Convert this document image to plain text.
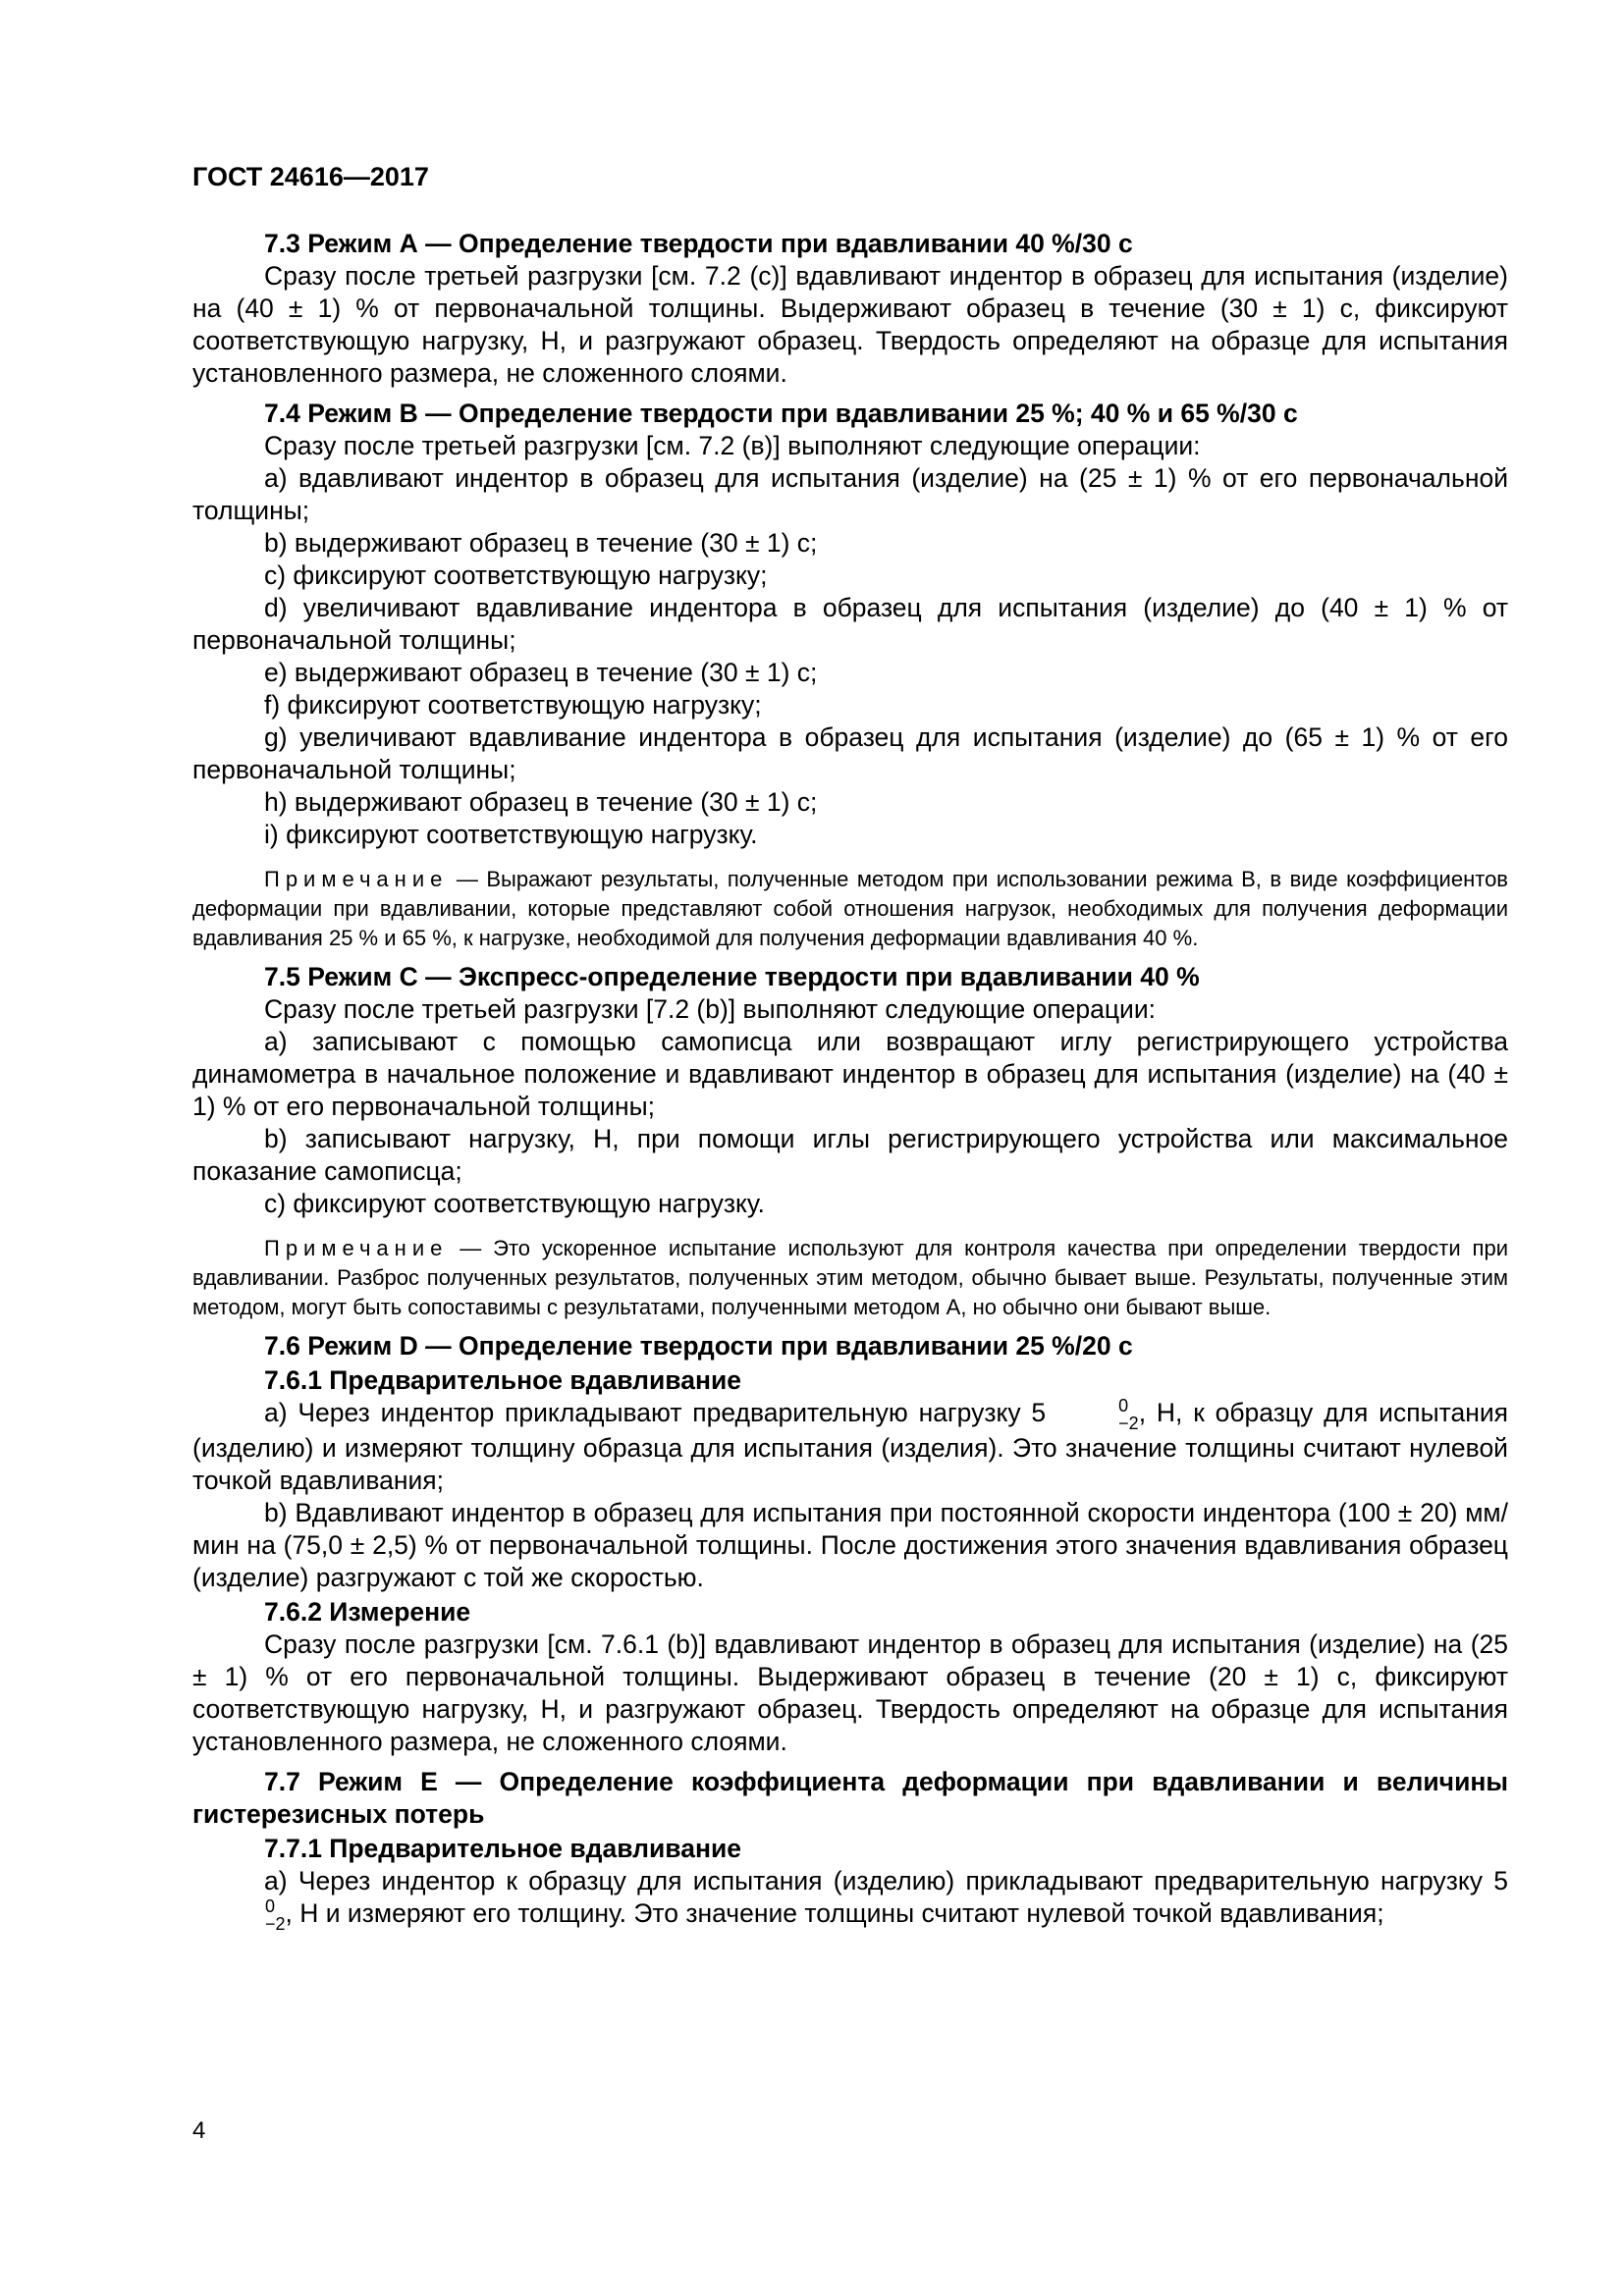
ГОСТ 24616—2017

7.3 Режим А — Определение твердости при вдавливании 40 %/30 с

Сразу после третьей разгрузки [см. 7.2 (с)] вдавливают индентор в образец для испытания (изделие) на (40 ± 1) % от первоначальной толщины. Выдерживают образец в течение (30 ± 1) с, фиксируют соответствующую нагрузку, Н, и разгружают образец. Твердость определяют на образце для испытания установленного размера, не сложенного слоями.

7.4 Режим В — Определение твердости при вдавливании 25 %; 40 % и 65 %/30 с

Сразу после третьей разгрузки [см. 7.2 (в)] выполняют следующие операции:

a) вдавливают индентор в образец для испытания (изделие) на (25 ± 1) % от его первоначальной толщины;

b) выдерживают образец в течение (30 ± 1) с;

c) фиксируют соответствующую нагрузку;

d) увеличивают вдавливание индентора в образец для испытания (изделие) до (40 ± 1) % от первоначальной толщины;

e) выдерживают образец в течение (30 ± 1) с;

f) фиксируют соответствующую нагрузку;

g) увеличивают вдавливание индентора в образец для испытания (изделие) до (65 ± 1) % от его первоначальной толщины;

h) выдерживают образец в течение (30 ± 1) с;

i) фиксируют соответствующую нагрузку.

Примечание — Выражают результаты, полученные методом при использовании режима В, в виде коэффициентов деформации при вдавливании, которые представляют собой отношения нагрузок, необходимых для получения деформации вдавливания 25 % и 65 %, к нагрузке, необходимой для получения деформации вдавливания 40 %.

7.5 Режим С — Экспресс-определение твердости при вдавливании 40 %

Сразу после третьей разгрузки [7.2 (b)] выполняют следующие операции:

a) записывают с помощью самописца или возвращают иглу регистрирующего устройства динамометра в начальное положение и вдавливают индентор в образец для испытания (изделие) на (40 ± 1) % от его первоначальной толщины;

b) записывают нагрузку, Н, при помощи иглы регистрирующего устройства или максимальное показание самописца;

c) фиксируют соответствующую нагрузку.

Примечание — Это ускоренное испытание используют для контроля качества при определении твердости при вдавливании. Разброс полученных результатов, полученных этим методом, обычно бывает выше. Результаты, полученные этим методом, могут быть сопоставимы с результатами, полученными методом А, но обычно они бывают выше.

7.6 Режим D — Определение твердости при вдавливании 25 %/20 с

7.6.1 Предварительное вдавливание

a) Через индентор прикладывают предварительную нагрузку 5	0
−2 , Н, к образцу для испытания (изделию) и измеряют толщину образца для испытания (изделия). Это значение толщины считают нулевой точкой вдавливания;

b) Вдавливают индентор в образец для испытания при постоянной скорости индентора (100 ± 20) мм/мин на (75,0 ± 2,5) % от первоначальной толщины. После достижения этого значения вдавливания образец (изделие) разгружают с той же скоростью.

7.6.2 Измерение

Сразу после разгрузки [см. 7.6.1 (b)] вдавливают индентор в образец для испытания (изделие) на (25 ± 1) % от его первоначальной толщины. Выдерживают образец в течение (20 ± 1) с, фиксируют соответствующую нагрузку, Н, и разгружают образец. Твердость определяют на образце для испытания установленного размера, не сложенного слоями.

7.7 Режим Е — Определение коэффициента деформации при вдавливании и величины гистерезисных потерь

7.7.1 Предварительное вдавливание

a) Через индентор к образцу для испытания (изделию) прикладывают предварительную нагрузку 5
0
−2 , Н и измеряют его толщину. Это значение толщины считают нулевой точкой вдавливания;

4
